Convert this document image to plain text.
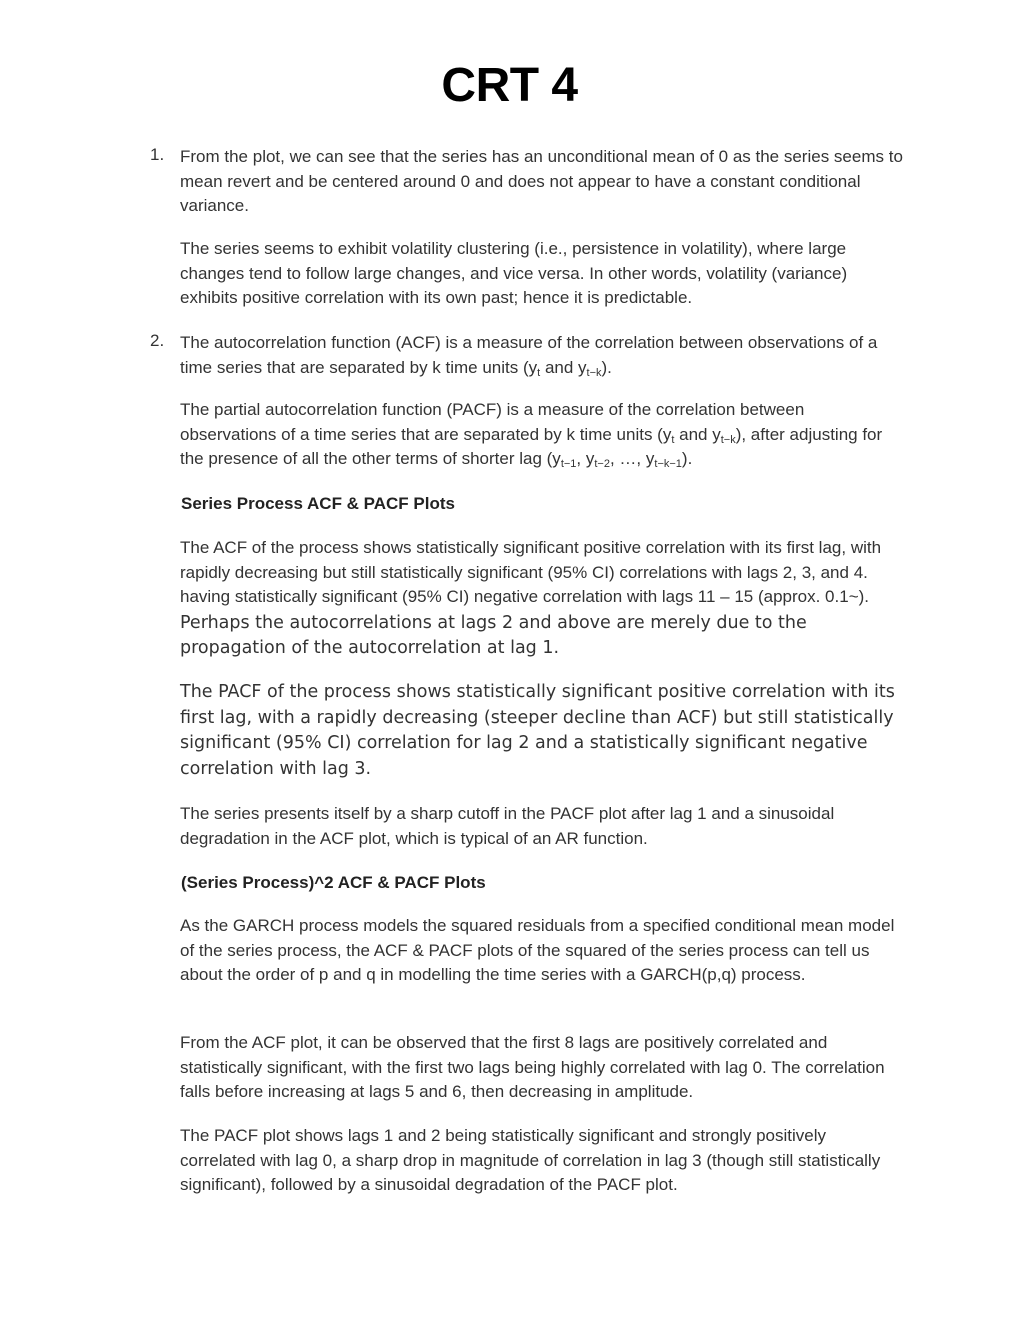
CRT 4
1. From the plot, we can see that the series has an unconditional mean of 0 as the series seems to mean revert and be centered around 0 and does not appear to have a constant conditional variance.
The series seems to exhibit volatility clustering (i.e., persistence in volatility), where large changes tend to follow large changes, and vice versa. In other words, volatility (variance) exhibits positive correlation with its own past; hence it is predictable.
2. The autocorrelation function (ACF) is a measure of the correlation between observations of a time series that are separated by k time units ($y_t$ and $y_{t-k}$).
The partial autocorrelation function (PACF) is a measure of the correlation between observations of a time series that are separated by k time units ($y_t$ and $y_{t-k}$), after adjusting for the presence of all the other terms of shorter lag ($y_{t-1}$, $y_{t-2}$, …, $y_{t-k-1}$).
Series Process ACF & PACF Plots
The ACF of the process shows statistically significant positive correlation with its first lag, with rapidly decreasing but still statistically significant (95% CI) correlations with lags 2, 3, and 4. having statistically significant (95% CI) negative correlation with lags 11 – 15 (approx. 0.1~). Perhaps the autocorrelations at lags 2 and above are merely due to the propagation of the autocorrelation at lag 1.
The PACF of the process shows statistically significant positive correlation with its first lag, with a rapidly decreasing (steeper decline than ACF) but still statistically significant (95% CI) correlation for lag 2 and a statistically significant negative correlation with lag 3.
The series presents itself by a sharp cutoff in the PACF plot after lag 1 and a sinusoidal degradation in the ACF plot, which is typical of an AR function.
(Series Process)^2 ACF & PACF Plots
As the GARCH process models the squared residuals from a specified conditional mean model of the series process, the ACF & PACF plots of the squared of the series process can tell us about the order of p and q in modelling the time series with a GARCH(p,q) process.
From the ACF plot, it can be observed that the first 8 lags are positively correlated and statistically significant, with the first two lags being highly correlated with lag 0. The correlation falls before increasing at lags 5 and 6, then decreasing in amplitude.
The PACF plot shows lags 1 and 2 being statistically significant and strongly positively correlated with lag 0, a sharp drop in magnitude of correlation in lag 3 (though still statistically significant), followed by a sinusoidal degradation of the PACF plot.
